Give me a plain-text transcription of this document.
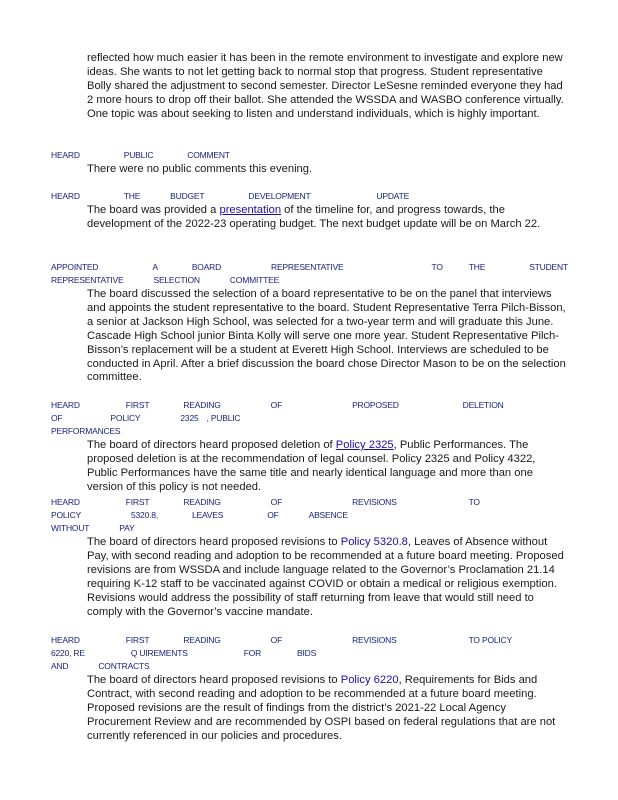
reflected how much easier it has been in the remote environment to investigate and explore new ideas. She wants to not let getting back to normal stop that progress. Student representative Bolly shared the adjustment to second semester. Director LeSesne reminded everyone they had 2 more hours to drop off their ballot. She attended the WSSDA and WASBO conference virtually. One topic was about seeking to listen and understand individuals, which is highly important.

HEARD	PUBLIC	COMMENT

There were no public comments this evening.

HEARD	THE	BUDGET	DEVELOPMENT	UPDATE

The board was provided a presentation of the timeline for, and progress towards, the development of the 2022-23 operating budget. The next budget update will be on March 22.

APPOINTED	A	BOARD	REPRESENTATIVE	TO	THE	STUDENT
REPRESENTATIVE	SELECTION	COMMITTEE

The board discussed the selection of a board representative to be on the panel that interviews and appoints the student representative to the board. Student Representative Terra Pilch-Bisson, a senior at Jackson High School, was selected for a two-year term and will graduate this June. Cascade High School junior Binta Kolly will serve one more year. Student Representative Pilch-Bisson’s replacement will be a student at Everett High School. Interviews are scheduled to be conducted in April. After a brief discussion the board chose Director Mason to be on the selection committee.

HEARD	FIRST	READING	OF	PROPOSED	DELETION
OF	POLICY	2325 , PUBLIC
PERFORMANCES

The board of directors heard proposed deletion of Policy 2325, Public Performances. The proposed deletion is at the recommendation of legal counsel. Policy 2325 and Policy 4322, Public Performances have the same title and nearly identical language and more than one version of this policy is not needed.

HEARD	FIRST	READING	OF	REVISIONS	TO
POLICY	5320.8,	LEAVES	OF	ABSENCE
WITHOUT	PAY

The board of directors heard proposed revisions to Policy 5320.8, Leaves of Absence without Pay, with second reading and adoption to be recommended at a future board meeting. Proposed revisions are from WSSDA and include language related to the Governor’s Proclamation 21.14 requiring K-12 staff to be vaccinated against COVID or obtain a medical or religious exemption. Revisions would address the possibility of staff returning from leave that would still need to comply with the Governor’s vaccine mandate.

HEARD	FIRST	READING	OF	REVISIONS	TO POLICY
6220, RE	Q UIREMENTS	FOR	BIDS
AND	CONTRACTS

The board of directors heard proposed revisions to Policy 6220, Requirements for Bids and Contract, with second reading and adoption to be recommended at a future board meeting. Proposed revisions are the result of findings from the district’s 2021-22 Local Agency Procurement Review and are recommended by OSPI based on federal regulations that are not currently referenced in our policies and procedures.
